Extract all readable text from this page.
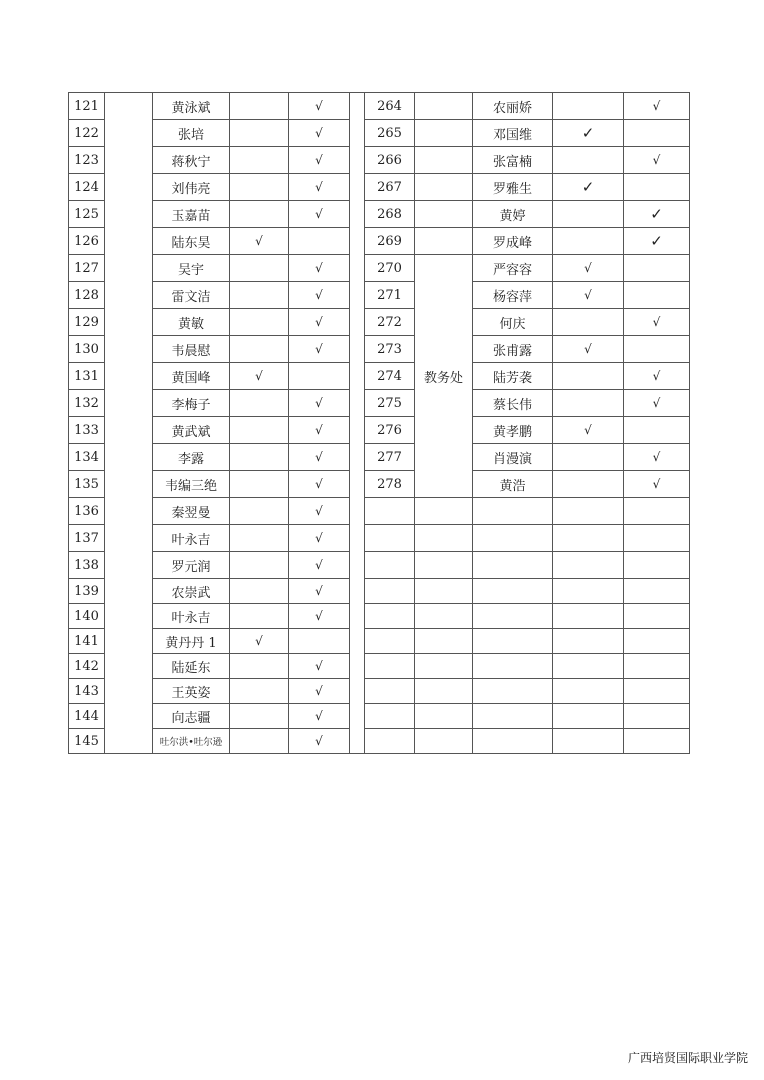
121		黄泳斌		√		264		农丽娇		√
122		张培		√		265		邓国维	✓	
123		蒋秋宁		√		266		张富楠		√
124		刘伟亮		√		267		罗雅生	✓	
125		玉嘉苗		√		268		黄婷		✓
126		陆东昊	√			269		罗成峰		✓
127		吴宇		√		270	教务处	严容容	√	
128		雷文洁		√		271		杨容萍	√	
129		黄敏		√		272		何庆		√
130		韦晨慰		√		273		张甫露	√	
131		黄国峰	√			274		陆芳袭		√
132		李梅子		√		275		蔡长伟		√
133		黄武斌		√		276		黄孝鹏	√	
134		李露		√		277		肖漫演		√
135		韦编三绝		√		278		黄浩		√
136		秦翌曼		√						
137		叶永吉		√						
138		罗元润		√						
139		农崇武		√						
140		叶永吉		√						
141		黄丹丹 1	√							
142		陆延东		√						
143		王英姿		√						
144		向志疆		√						
145		吐尔洪•吐尔逊		√						
广西培贤国际职业学院
